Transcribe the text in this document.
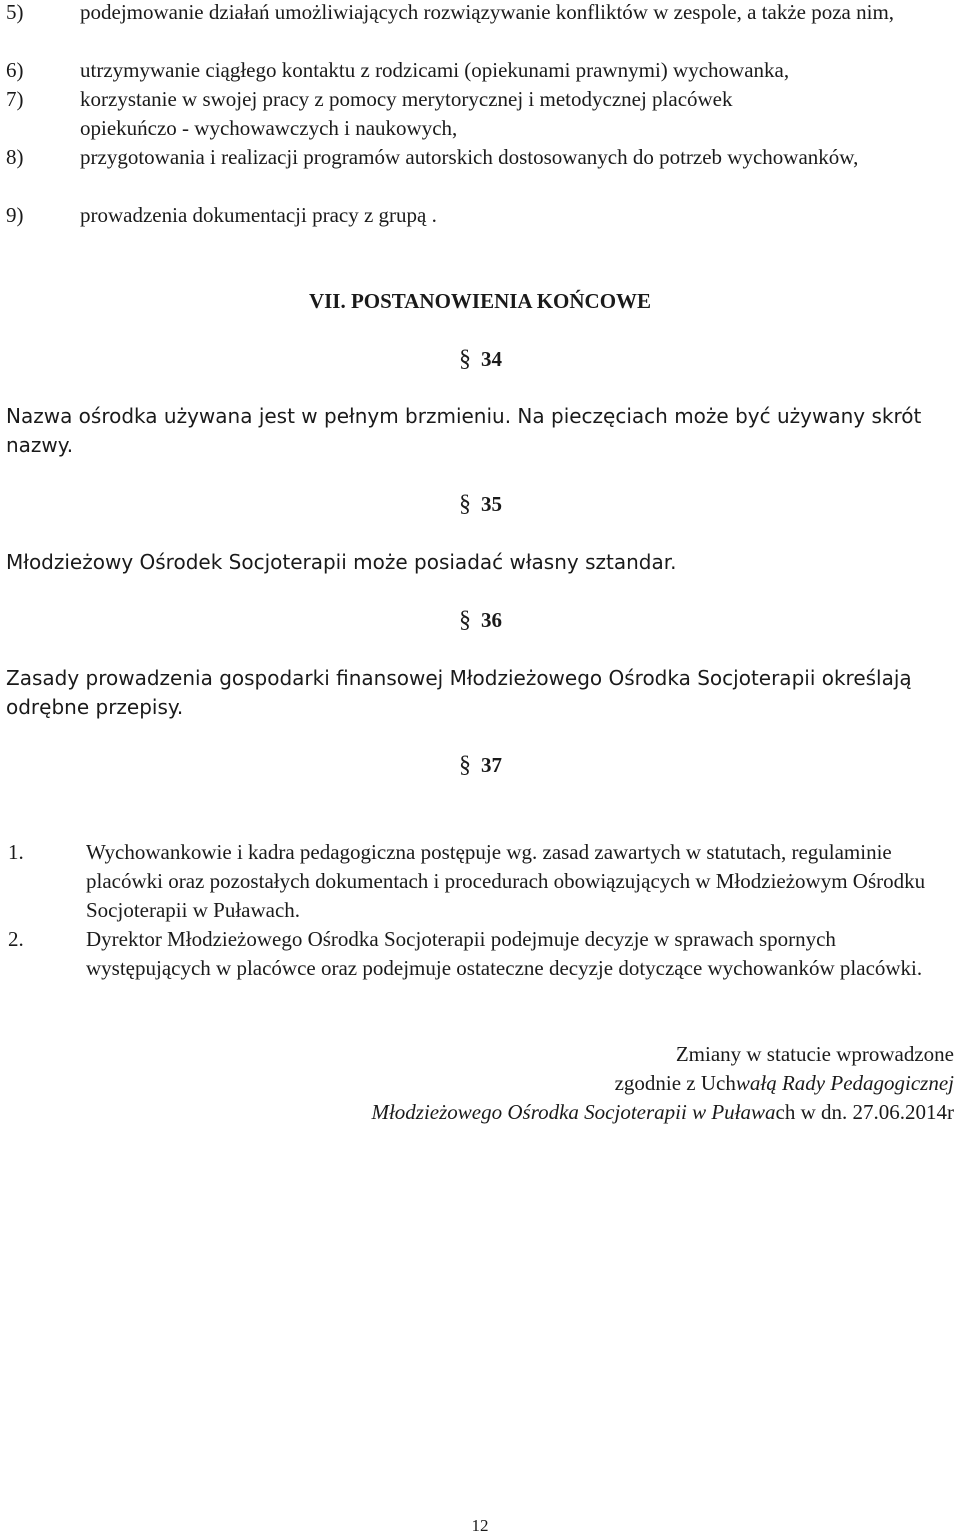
5)	podejmowanie działań umożliwiających rozwiązywanie konfliktów w zespole, a także poza nim,
6)	utrzymywanie ciągłego kontaktu z rodzicami (opiekunami prawnymi) wychowanka,
7)	korzystanie w swojej pracy z pomocy merytorycznej i metodycznej placówek opiekuńczo - wychowawczych i naukowych,
8)	przygotowania i realizacji programów autorskich dostosowanych do potrzeb wychowanków,
9)	prowadzenia dokumentacji pracy z grupą .
VII. POSTANOWIENIA KOŃCOWE
§ 34
Nazwa ośrodka używana jest w pełnym brzmieniu. Na pieczęciach może być używany skrót nazwy.
§ 35
Młodzieżowy Ośrodek Socjoterapii może posiadać własny sztandar.
§ 36
Zasady prowadzenia gospodarki finansowej Młodzieżowego Ośrodka Socjoterapii określają odrębne przepisy.
§ 37
1.	Wychowankowie i kadra pedagogiczna postępuje wg. zasad zawartych w statutach, regulaminie placówki oraz pozostałych dokumentach i procedurach obowiązujących w Młodzieżowym Ośrodku Socjoterapii w Puławach.
2.	Dyrektor Młodzieżowego Ośrodka Socjoterapii podejmuje decyzje w sprawach spornych występujących w placówce oraz podejmuje ostateczne decyzje dotyczące wychowanków placówki.
Zmiany w statucie wprowadzone
zgodnie z Uchwałą Rady Pedagogicznej
Młodzieżowego Ośrodka Socjoterapii w Puławach w dn. 27.06.2014r
12
